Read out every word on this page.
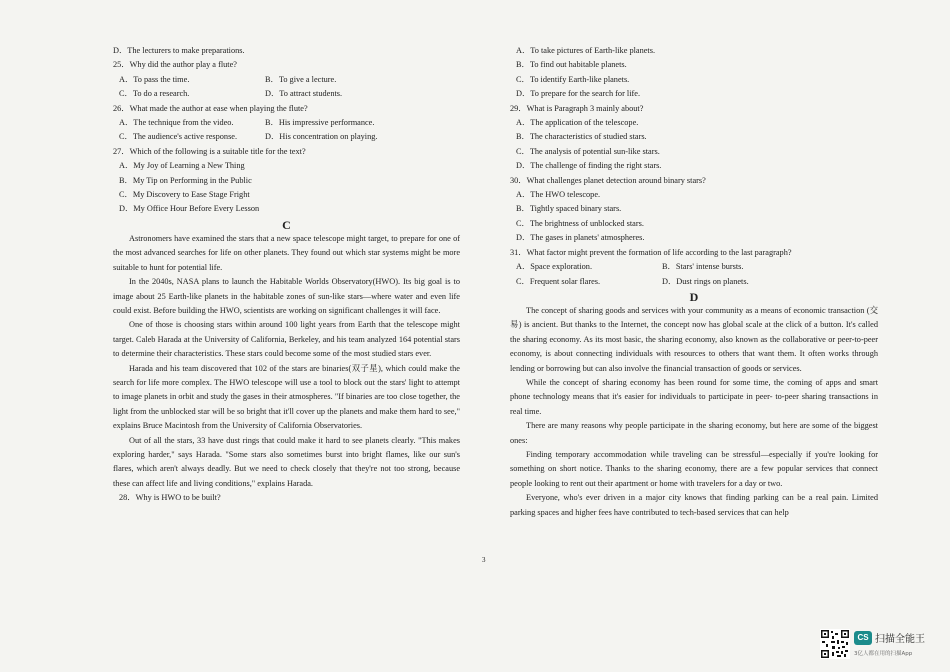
D．The lecturers to make preparations.

25．Why did the author play a flute?

A．To pass the time.	B．To give a lecture.
C．To do a research.	D．To attract students.

26．What made the author at ease when playing the flute?

A．The technique from the video.	B．His impressive performance.
C．The audience's active response.	D．His concentration on playing.

27．Which of the following is a suitable title for the text?

A．My Joy of Learning a New Thing

B．My Tip on Performing in the Public

C．My Discovery to Ease Stage Fright

D．My Office Hour Before Every Lesson

C

Astronomers have examined the stars that a new space telescope might target, to prepare for one of the most advanced searches for life on other planets. They found out which star systems might be more suitable to hunt for potential life.

In the 2040s, NASA plans to launch the Habitable Worlds Observatory(HWO). Its big goal is to image about 25 Earth-like planets in the habitable zones of sun-like stars—where water and even life could exist. Before building the HWO, scientists are working on significant challenges it will face.

One of those is choosing stars within around 100 light years from Earth that the telescope might target. Caleb Harada at the University of California, Berkeley, and his team analyzed 164 potential stars to determine their characteristics. These stars could become some of the most studied stars ever.

Harada and his team discovered that 102 of the stars are binaries(双子星), which could make the search for life more complex. The HWO telescope will use a tool to block out the stars' light to attempt to image planets in orbit and study the gases in their atmospheres. "If binaries are too close together, the light from the unblocked star will be so bright that it'll cover up the planets and make them hard to see," explains Bruce Macintosh from the University of California Observatories.

Out of all the stars, 33 have dust rings that could make it hard to see planets clearly. "This makes exploring harder," says Harada. "Some stars also sometimes burst into bright flames, like our sun's flares, which aren't always deadly. But we need to check closely that they're not too strong, because these can affect life and living conditions," explains Harada.

28．Why is HWO to be built?

A．To take pictures of Earth-like planets.

B．To find out habitable planets.

C．To identify Earth-like planets.

D．To prepare for the search for life.

29．What is Paragraph 3 mainly about?

A．The application of the telescope.

B．The characteristics of studied stars.

C．The analysis of potential sun-like stars.

D．The challenge of finding the right stars.

30．What challenges planet detection around binary stars?

A．The HWO telescope.

B．Tightly spaced binary stars.

C．The brightness of unblocked stars.

D．The gases in planets' atmospheres.

31．What factor might prevent the formation of life according to the last paragraph?

A．Space exploration.	B．Stars' intense bursts.
C．Frequent solar flares.	D．Dust rings on planets.

D

The concept of sharing goods and services with your community as a means of economic transaction (交易) is ancient. But thanks to the Internet, the concept now has global scale at the click of a button. It's called the sharing economy. As its most basic, the sharing economy, also known as the collaborative or peer-to-peer economy, is about connecting individuals with resources to others that want them. It often works through lending or borrowing but can also involve the financial transaction of goods or services.

While the concept of sharing economy has been round for some time, the coming of apps and smart phone technology means that it's easier for individuals to participate in peer- to-peer sharing transactions in real time.

There are many reasons why people participate in the sharing economy, but here are some of the biggest ones:

Finding temporary accommodation while traveling can be stressful—especially if you're looking for something on short notice. Thanks to the sharing economy, there are a few popular services that connect people looking to rent out their apartment or home with travelers for a day or two.

Everyone, who's ever driven in a major city knows that finding parking can be a real pain. Limited parking spaces and higher fees have contributed to tech-based services that can help

3
CS 扫描全能王
3亿人都在用的扫描App
